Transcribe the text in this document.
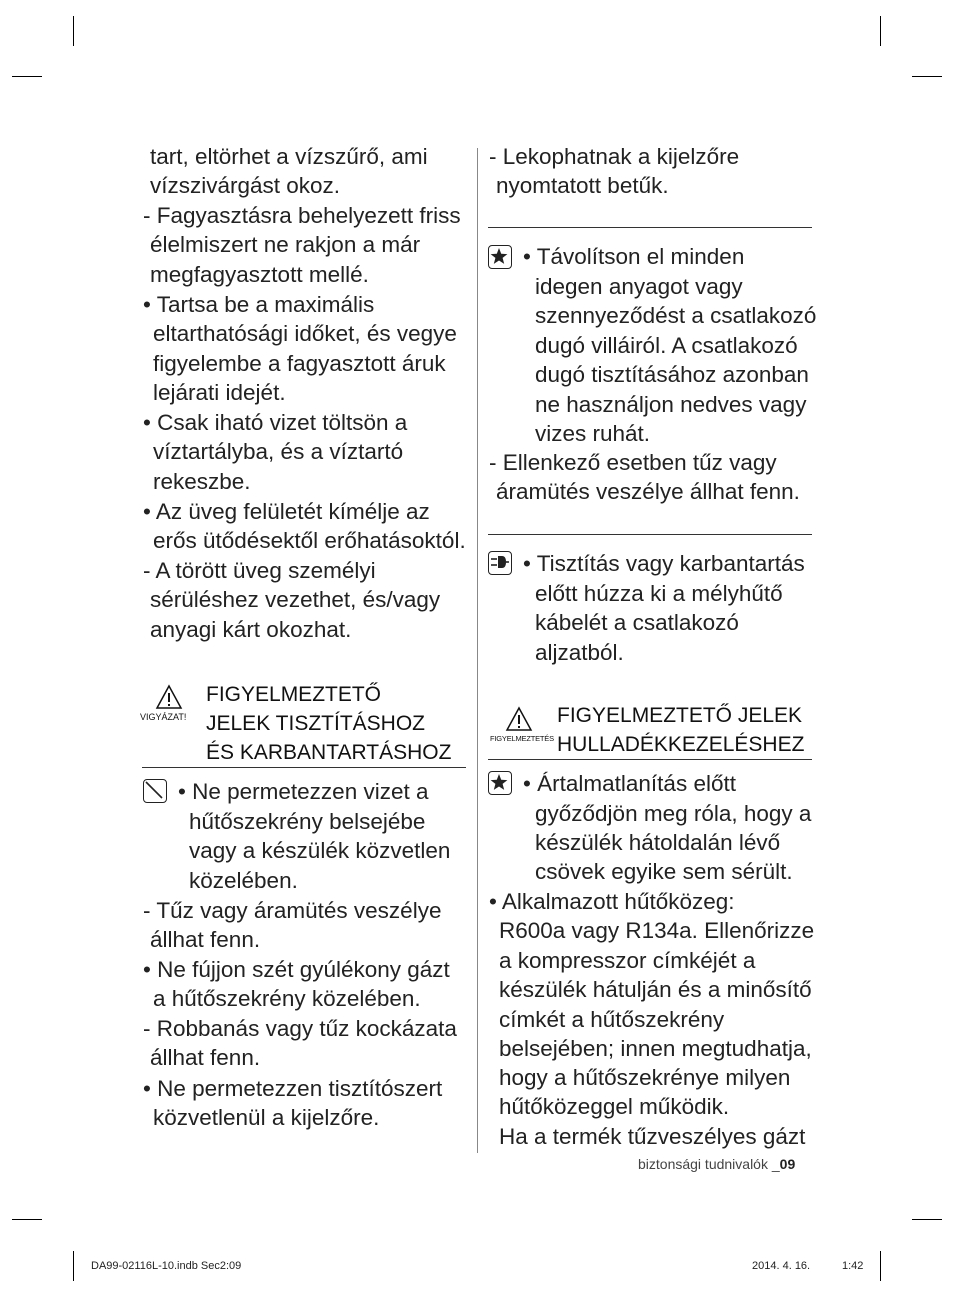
tart, eltörhet a vízszűrő, ami
vízszivárgást okoz.
- Fagyasztásra behelyezett friss
élelmiszert ne rakjon a már
megfagyasztott mellé.
• Tartsa be a maximális
eltarthatósági időket, és vegye
figyelembe a fagyasztott áruk
lejárati idejét.
• Csak iható vizet töltsön a
víztartályba, és a víztartó
rekeszbe.
• Az üveg felületét kímélje az
erős ütődésektől erőhatásoktól.
- A törött üveg személyi
sérüléshez vezethet, és/vagy
anyagi kárt okozhat.
VIGYÁZAT!
FIGYELMEZTETŐ
JELEK TISZTÍTÁSHOZ
ÉS KARBANTARTÁSHOZ
• Ne permetezzen vizet a
hűtőszekrény belsejébe
vagy a készülék közvetlen
közelében.
- Tűz vagy áramütés veszélye
állhat fenn.
• Ne fújjon szét gyúlékony gázt
a hűtőszekrény közelében.
- Robbanás vagy tűz kockázata
állhat fenn.
• Ne permetezzen tisztítószert
közvetlenül a kijelzőre.
- Lekophatnak a kijelzőre
nyomtatott betűk.
• Távolítson el minden
idegen anyagot vagy
szennyeződést a csatlakozó
dugó villáiról. A csatlakozó
dugó tisztításához azonban
ne használjon nedves vagy
vizes ruhát.
- Ellenkező esetben tűz vagy
áramütés veszélye állhat fenn.
• Tisztítás vagy karbantartás
előtt húzza ki a mélyhűtő
kábelét a csatlakozó
aljzatból.
FIGYELMEZTETÉS
FIGYELMEZTETŐ JELEK
HULLADÉKKEZELÉSHEZ
• Ártalmatlanítás előtt
győződjön meg róla, hogy a
készülék hátoldalán lévő
csövek egyike sem sérült.
• Alkalmazott hűtőközeg:
R600a vagy R134a. Ellenőrizze
a kompresszor címkéjét a
készülék hátulján és a minősítő
címkét a hűtőszekrény
belsejében; innen megtudhatja,
hogy a hűtőszekrénye milyen
hűtőközeggel működik.
Ha a termék tűzveszélyes gázt
biztonsági tudnivalók _09
DA99-02116L-10.indb Sec2:09	2014. 4. 16.	1:42
